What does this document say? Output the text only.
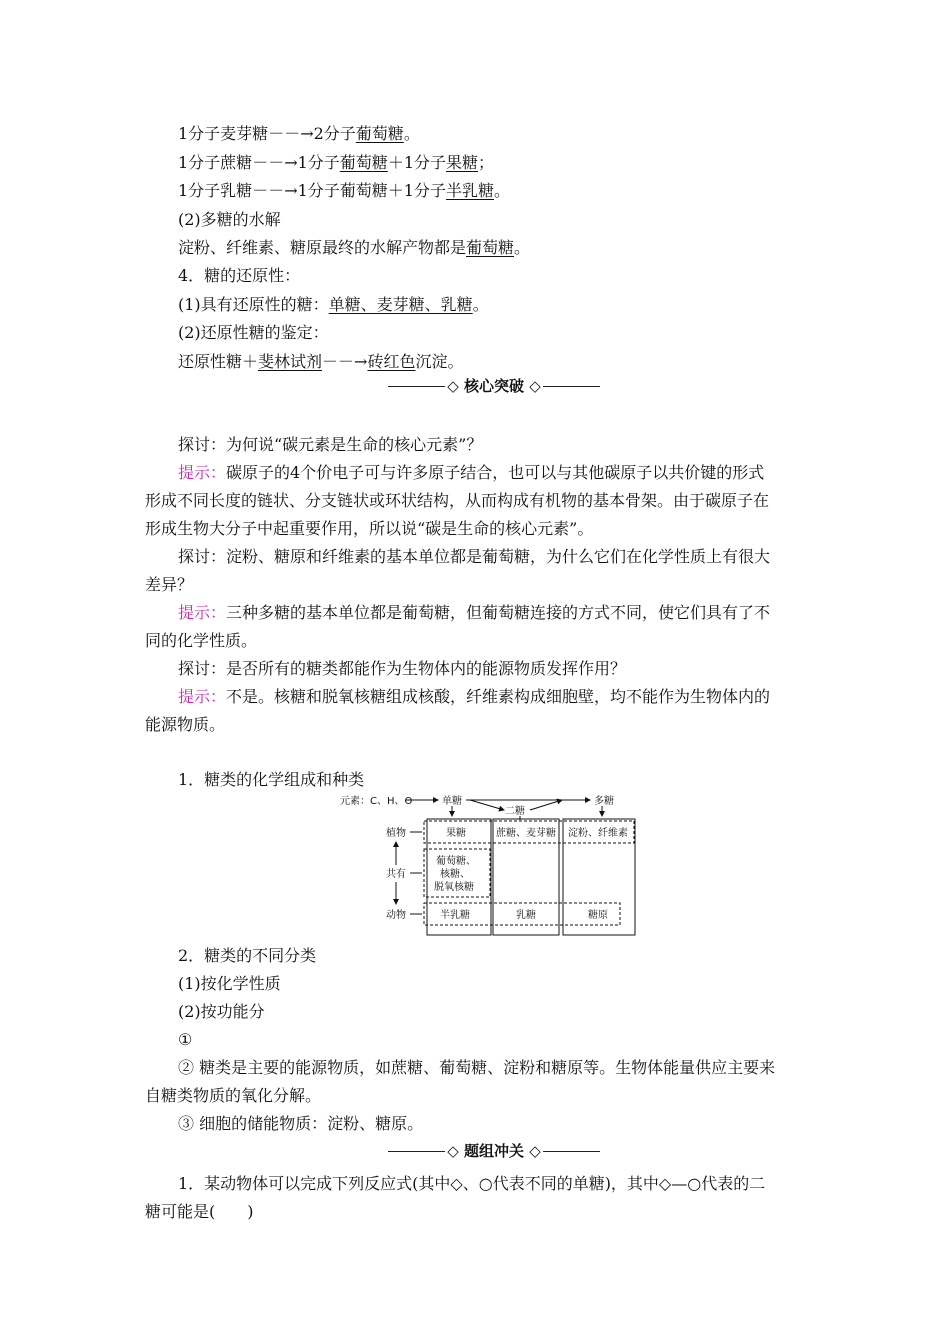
1分子麦芽糖－－→2分子葡萄糖。
1分子蔗糖－－→1分子葡萄糖＋1分子果糖；
1分子乳糖－－→1分子葡萄糖＋1分子半乳糖。
(2)多糖的水解
淀粉、纤维素、糖原最终的水解产物都是葡萄糖。
4．糖的还原性：
(1)具有还原性的糖：单糖、麦芽糖、乳糖。
(2)还原性糖的鉴定：
还原性糖＋斐林试剂－－→砖红色沉淀。
◇ 核心突破 ◇
探讨：为何说“碳元素是生命的核心元素”？
提示：碳原子的4个价电子可与许多原子结合，也可以与其他碳原子以共价键的形式
形成不同长度的链状、分支链状或环状结构，从而构成有机物的基本骨架。由于碳原子在
形成生物大分子中起重要作用，所以说“碳是生命的核心元素”。
探讨：淀粉、糖原和纤维素的基本单位都是葡萄糖，为什么它们在化学性质上有很大
差异？
提示：三种多糖的基本单位都是葡萄糖，但葡萄糖连接的方式不同，使它们具有了不
同的化学性质。
探讨：是否所有的糖类都能作为生物体内的能源物质发挥作用？
提示：不是。核糖和脱氧核糖组成核酸，纤维素构成细胞壁，均不能作为生物体内的
能源物质。
1．糖类的化学组成和种类
元素：C、H、O	单糖
二糖
多糖
植物
共有
动物
果糖	蔗糖、麦芽糖 淀粉、纤维素
葡萄糖、
核糖、
脱氧核糖
半乳糖	乳糖	糖原
2．糖类的不同分类
(1)按化学性质
(2)按功能分
①
② 糖类是主要的能源物质，如蔗糖、葡萄糖、淀粉和糖原等。生物体能量供应主要来
自糖类物质的氧化分解。
③ 细胞的储能物质：淀粉、糖原。
◇ 题组冲关 ◇
1．某动物体可以完成下列反应式(其中◇、○代表不同的单糖)，其中◇—○代表的二
糖可能是(　　)
